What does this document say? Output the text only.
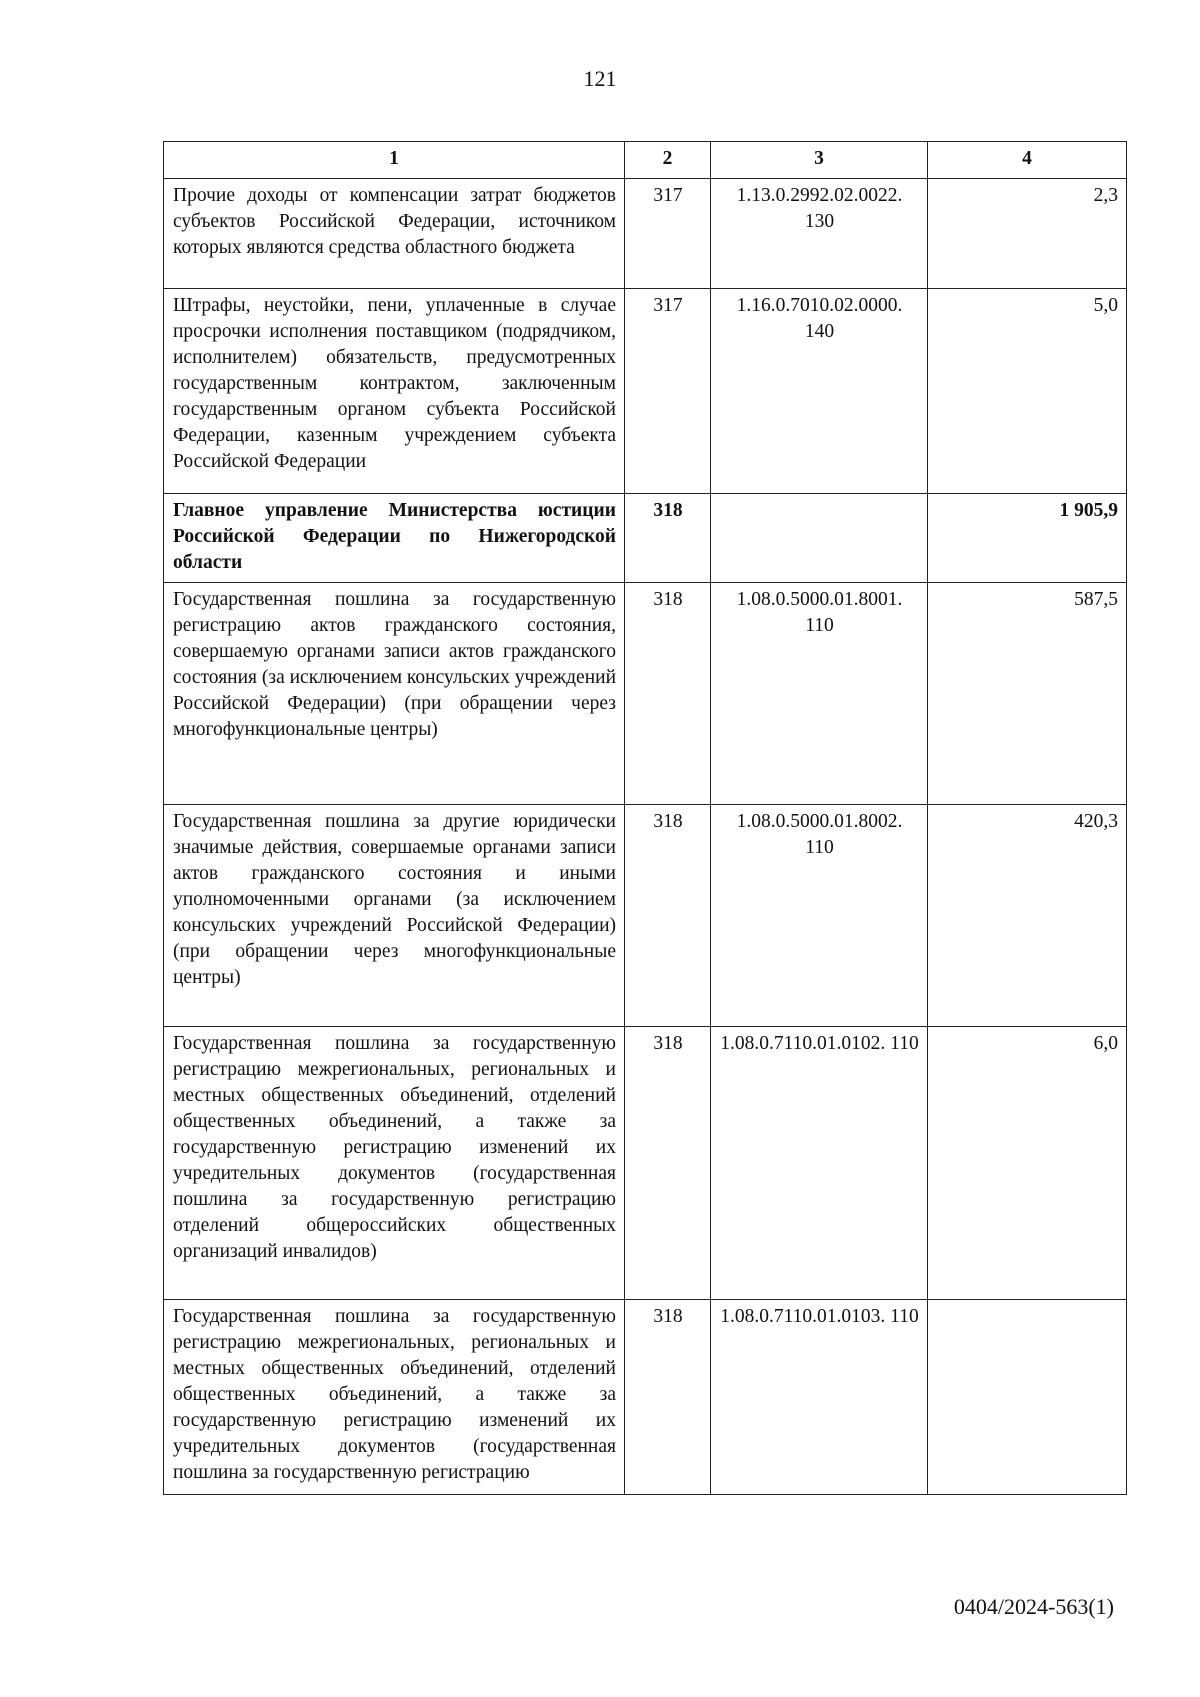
121
1	2	3	4
Прочие доходы от компенсации затрат бюджетов субъектов Российской Федерации, источником которых являются средства областного бюджета	317	1.13.0.2992.02.0022. 130	2,3
Штрафы, неустойки, пени, уплаченные в случае просрочки исполнения поставщиком (подрядчиком, исполнителем) обязательств, предусмотренных государственным контрактом, заключенным государственным органом субъекта Российской Федерации, казенным учреждением субъекта Российской Федерации	317	1.16.0.7010.02.0000. 140	5,0
Главное управление Министерства юстиции Российской Федерации по Нижегородской области	318		1 905,9
Государственная пошлина за государственную регистрацию актов гражданского состояния, совершаемую органами записи актов гражданского состояния (за исключением консульских учреждений Российской Федерации) (при обращении через многофункциональные центры)	318	1.08.0.5000.01.8001. 110	587,5
Государственная пошлина за другие юридически значимые действия, совершаемые органами записи актов гражданского состояния и иными уполномоченными органами (за исключением консульских учреждений Российской Федерации) (при обращении через многофункциональные центры)	318	1.08.0.5000.01.8002. 110	420,3
Государственная пошлина за государственную регистрацию межрегиональных, региональных и местных общественных объединений, отделений общественных объединений, а также за государственную регистрацию изменений их учредительных документов (государственная пошлина за государственную регистрацию отделений общероссийских общественных организаций инвалидов)	318	1.08.0.7110.01.0102. 110	6,0
Государственная пошлина за государственную регистрацию межрегиональных, региональных и местных общественных объединений, отделений общественных объединений, а также за государственную регистрацию изменений их учредительных документов (государственная пошлина за государственную регистрацию	318	1.08.0.7110.01.0103. 110	
0404/2024-563(1)
